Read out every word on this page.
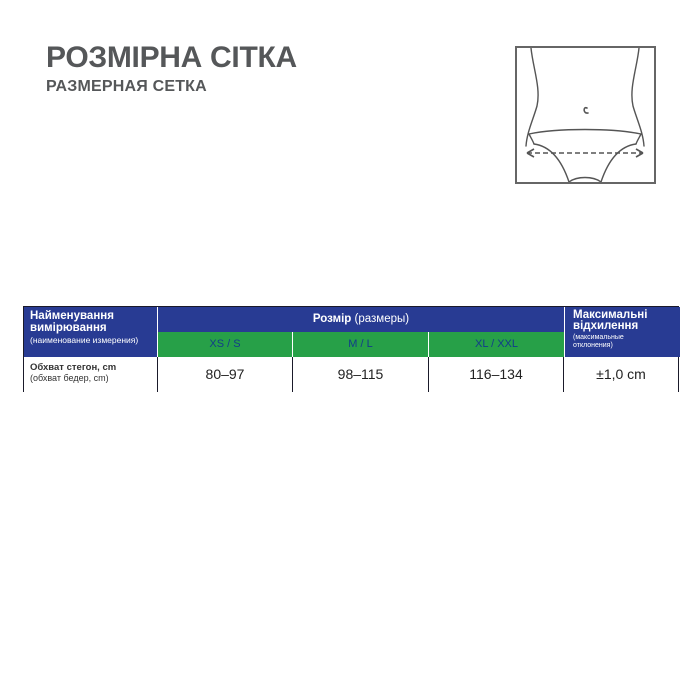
РОЗМІРНА СІТКА
РАЗМЕРНАЯ СЕТКА
Найменування
вимірювання
(наименование измерения)
Розмір (размеры)
XS / S	M / L	XL / XXL
Максимальні
відхилення
(максимальные
отклонения)
Обхват стегон, cm
(обхват бедер, cm)	80–97	98–115	116–134	±1,0 cm
